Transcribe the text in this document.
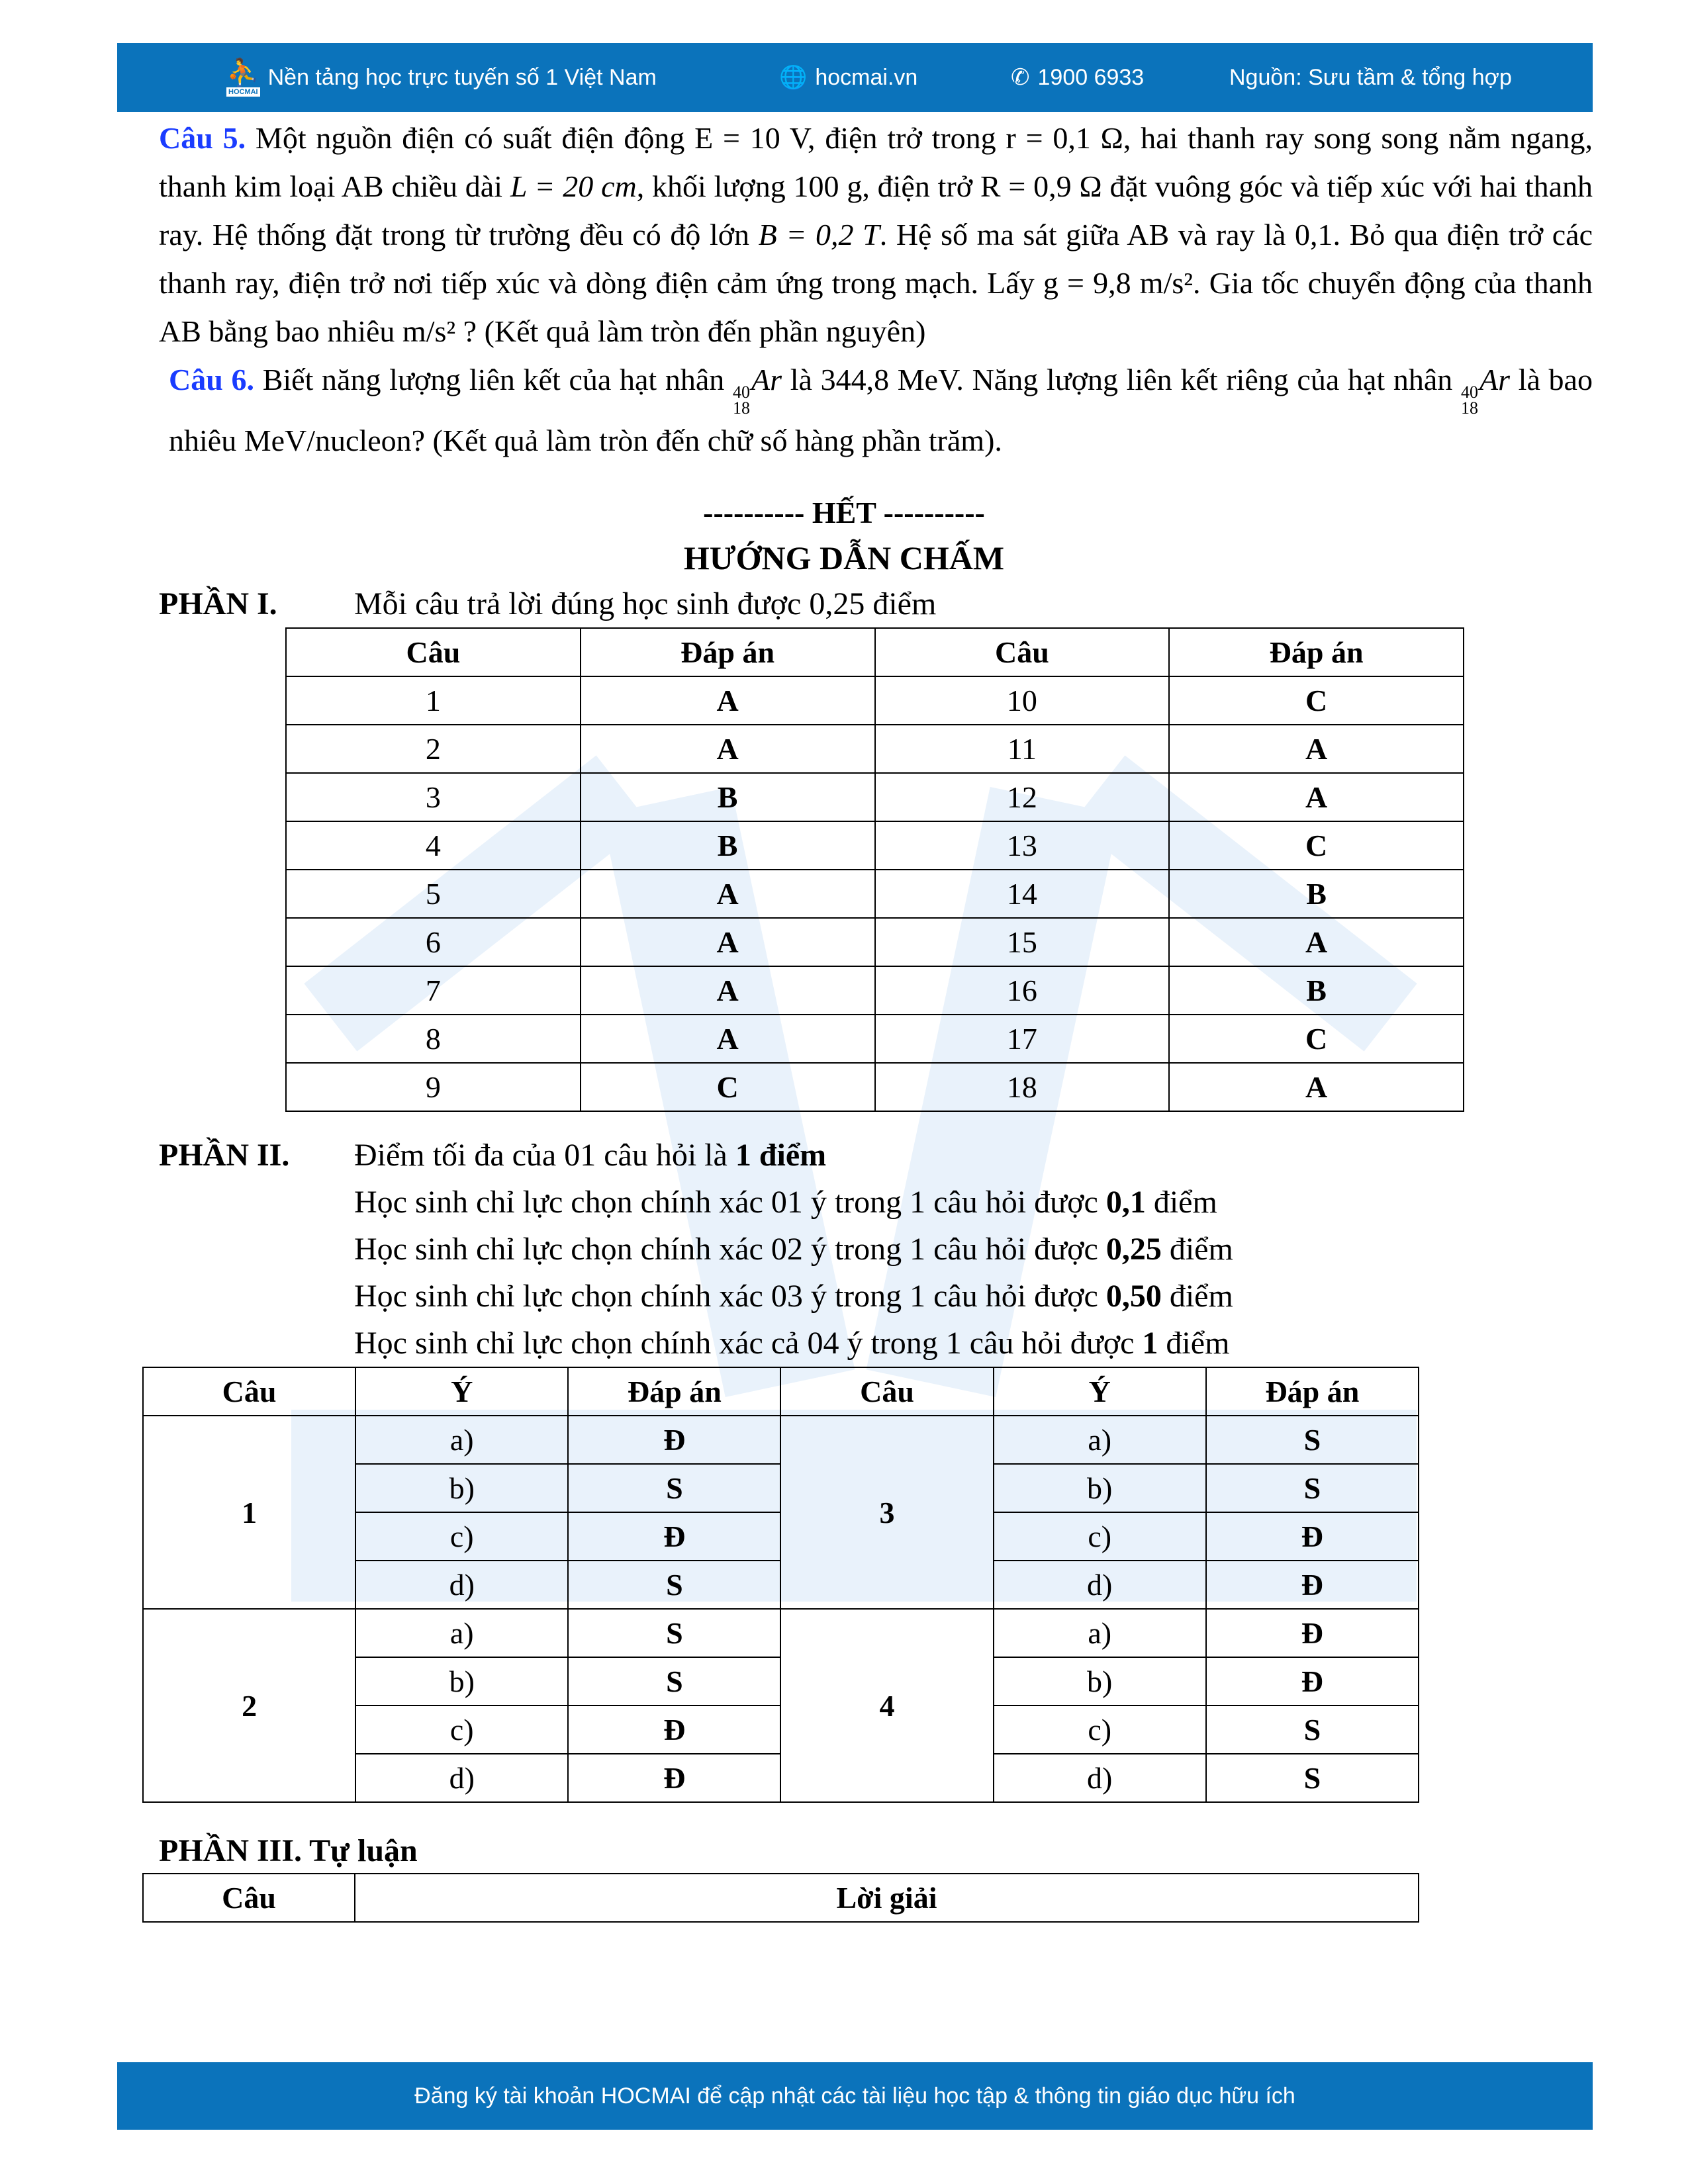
⛹
HOCMAI
Nền tảng học trực tuyến số 1 Việt Nam	🌐 hocmai.vn	✆ 1900 6933	Nguồn: Sưu tầm & tổng hợp
Câu 5. Một nguồn điện có suất điện động E = 10 V, điện trở trong r = 0,1 Ω, hai thanh ray song song nằm ngang, thanh kim loại AB chiều dài L = 20 cm, khối lượng 100 g, điện trở R = 0,9 Ω đặt vuông góc và tiếp xúc với hai thanh ray. Hệ thống đặt trong từ trường đều có độ lớn B = 0,2 T. Hệ số ma sát giữa AB và ray là 0,1. Bỏ qua điện trở các thanh ray, điện trở nơi tiếp xúc và dòng điện cảm ứng trong mạch. Lấy g = 9,8 m/s². Gia tốc chuyển động của thanh AB bằng bao nhiêu m/s² ? (Kết quả làm tròn đến phần nguyên)
Câu 6. Biết năng lượng liên kết của hạt nhân 40
18
Ar là 344,8 MeV. Năng lượng liên kết riêng của hạt nhân 40
18
Ar là bao nhiêu MeV/nucleon? (Kết quả làm tròn đến chữ số hàng phần trăm).
---------- HẾT ----------
HƯỚNG DẪN CHẤM
PHẦN I. Mỗi câu trả lời đúng học sinh được 0,25 điểm
Câu	Đáp án	Câu	Đáp án
1	A	10	C
2	A	11	A
3	B	12	A
4	B	13	C
5	A	14	B
6	A	15	A
7	A	16	B
8	A	17	C
9	C	18	A
PHẦN II. Điểm tối đa của 01 câu hỏi là 1 điểm
Học sinh chỉ lực chọn chính xác 01 ý trong 1 câu hỏi được 0,1 điểm
Học sinh chỉ lực chọn chính xác 02 ý trong 1 câu hỏi được 0,25 điểm
Học sinh chỉ lực chọn chính xác 03 ý trong 1 câu hỏi được 0,50 điểm
Học sinh chỉ lực chọn chính xác cả 04 ý trong 1 câu hỏi được 1 điểm
Câu	Ý	Đáp án	Câu	Ý	Đáp án
1	a)	Đ	3	a)	S
	b)	S		b)	S
	c)	Đ		c)	Đ
	d)	S		d)	Đ
2	a)	S	4	a)	Đ
	b)	S		b)	Đ
	c)	Đ		c)	S
	d)	Đ		d)	S
PHẦN III. Tự luận
Câu	Lời giải
Đăng ký tài khoản HOCMAI để cập nhật các tài liệu học tập & thông tin giáo dục hữu ích
